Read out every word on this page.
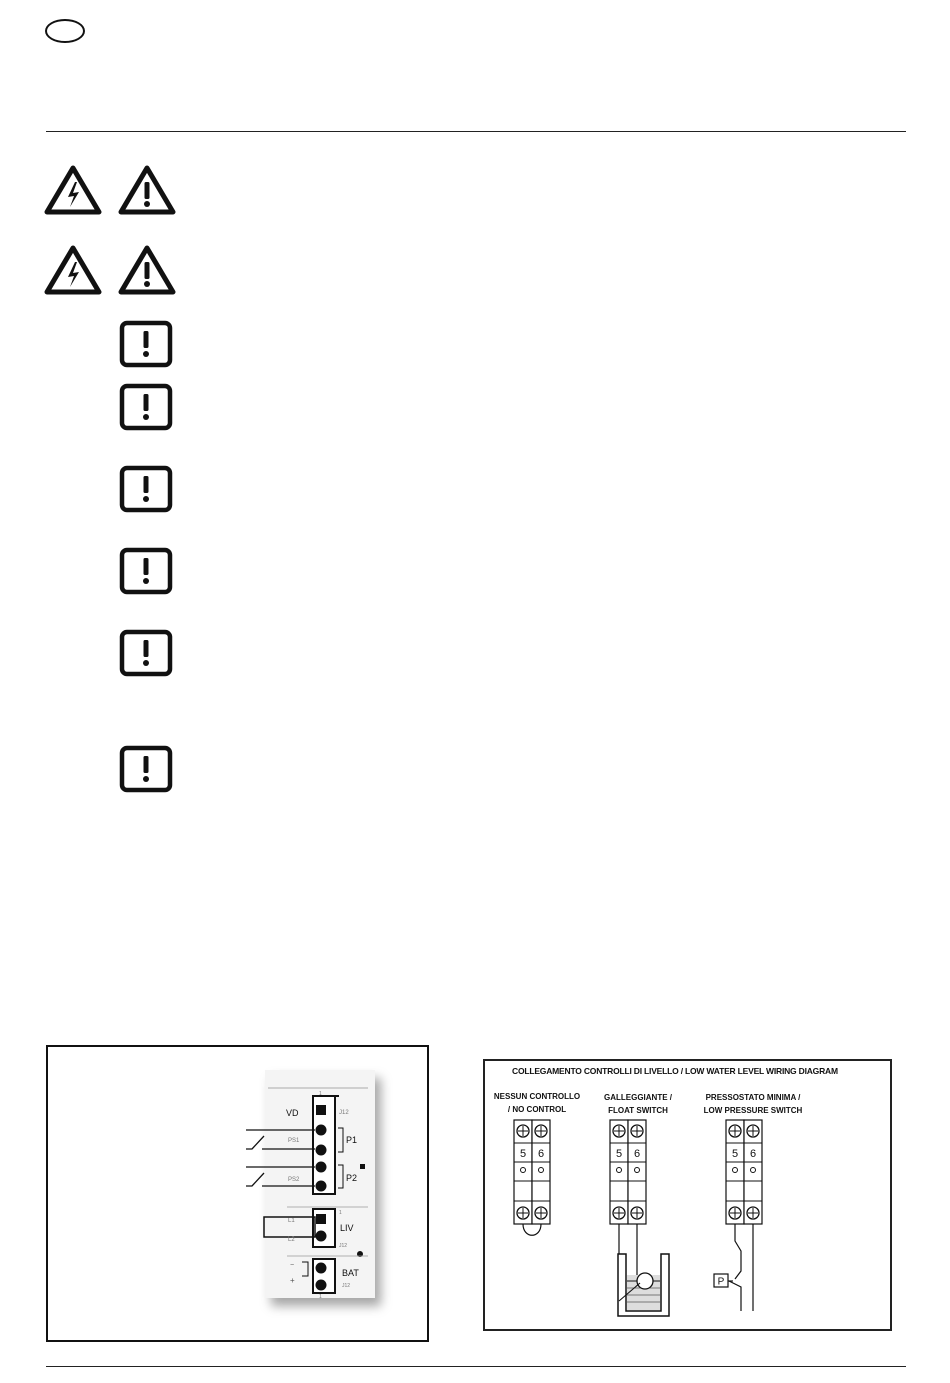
VD
PS1
PS2
1
J12
P1
P2
L1
L2
LIV
1
J12
−
+
BAT
J12
1
COLLEGAMENTO CONTROLLI DI LIVELLO / LOW WATER LEVEL WIRING DIAGRAM
NESSUN CONTROLLO
/ NO CONTROL
GALLEGGIANTE /
FLOAT SWITCH
PRESSOSTATO MINIMA /
LOW PRESSURE SWITCH
5 6	5 6	5 6
P
